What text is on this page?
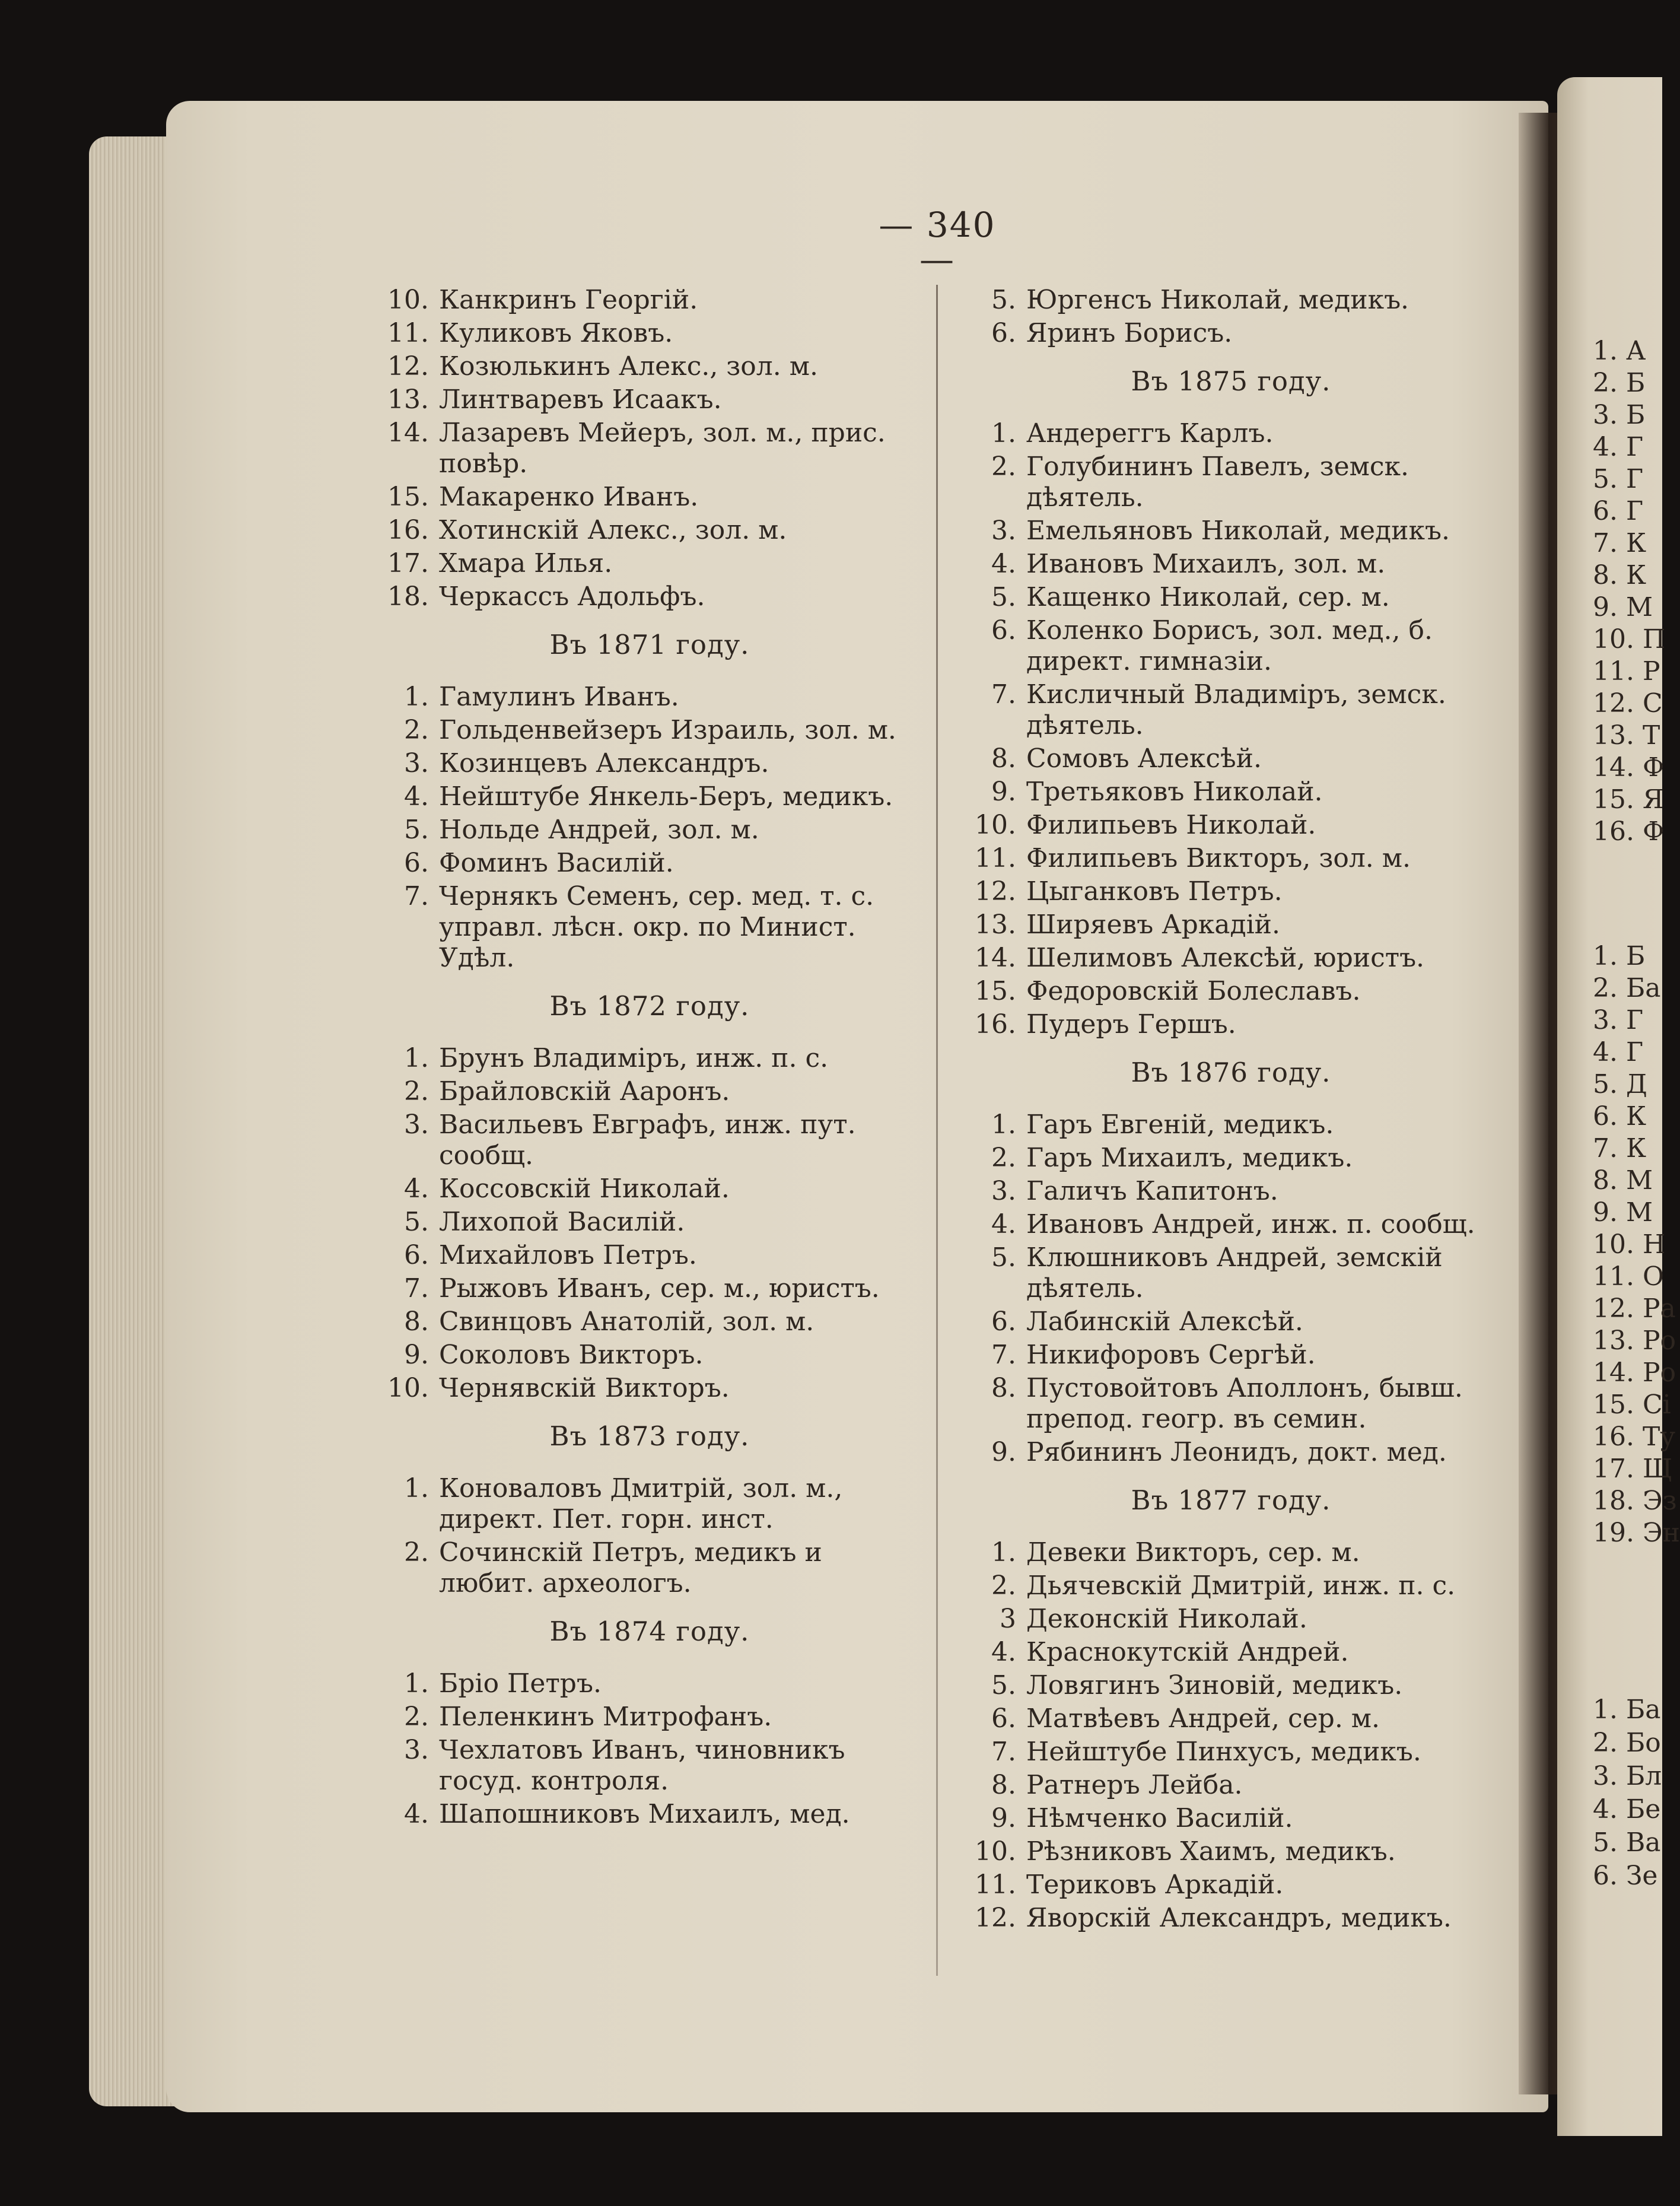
1. А
2. Б
3. Б
4. Г
5. Г
6. Г
7. К
8. К
9. М
10. П
11. Р
12. С
13. Т
14. Ф
15. Я
16. Ф
1. Б
2. Ба
3. Г
4. Г
5. Д
6. К
7. К
8. М
9. М
10. Н
11. О
12. Ра
13. Ро
14. Ро
15. Сі
16. Ту
17. Щ
18. Эз
19. Эн
1. Ба
2. Бо
3. Бл
4. Бе
5. Ва
6. Зе
— 340 —
10. Канкринъ Георгій.
11. Куликовъ Яковъ.
12. Козюлькинъ Алекс., зол. м.
13. Линтваревъ Исаакъ.
14. Лазаревъ Мейеръ, зол. м., прис. повѣр.
15. Макаренко Иванъ.
16. Хотинскій Алекс., зол. м.
17. Хмара Илья.
18. Черкассъ Адольфъ.
Въ 1871 году.
1. Гамулинъ Иванъ.
2. Гольденвейзеръ Израиль, зол. м.
3. Козинцевъ Александръ.
4. Нейштубе Янкель-Беръ, медикъ.
5. Нольде Андрей, зол. м.
6. Фоминъ Василій.
7. Чернякъ Семенъ, сер. мед. т. с. управл. лѣсн. окр. по Минист. Удѣл.
Въ 1872 году.
1. Брунъ Владиміръ, инж. п. с.
2. Брайловскій Ааронъ.
3. Васильевъ Евграфъ, инж. пут. сообщ.
4. Коссовскій Николай.
5. Лихопой Василій.
6. Михайловъ Петръ.
7. Рыжовъ Иванъ, сер. м., юристъ.
8. Свинцовъ Анатолій, зол. м.
9. Соколовъ Викторъ.
10. Чернявскій Викторъ.
Въ 1873 году.
1. Коноваловъ Дмитрій, зол. м., директ. Пет. горн. инст.
2. Сочинскій Петръ, медикъ и любит. археологъ.
Въ 1874 году.
1. Бріо Петръ.
2. Пеленкинъ Митрофанъ.
3. Чехлатовъ Иванъ, чиновникъ госуд. контроля.
4. Шапошниковъ Михаилъ, мед.
5. Юргенсъ Николай, медикъ.
6. Яринъ Борисъ.
Въ 1875 году.
1. Андереггъ Карлъ.
2. Голубининъ Павелъ, земск. дѣятель.
3. Емельяновъ Николай, медикъ.
4. Ивановъ Михаилъ, зол. м.
5. Кащенко Николай, сер. м.
6. Коленко Борисъ, зол. мед., б. директ. гимназіи.
7. Кисличный Владиміръ, земск. дѣятель.
8. Сомовъ Алексѣй.
9. Третьяковъ Николай.
10. Филипьевъ Николай.
11. Филипьевъ Викторъ, зол. м.
12. Цыганковъ Петръ.
13. Ширяевъ Аркадій.
14. Шелимовъ Алексѣй, юристъ.
15. Федоровскій Болеславъ.
16. Пудеръ Гершъ.
Въ 1876 году.
1. Гаръ Евгеній, медикъ.
2. Гаръ Михаилъ, медикъ.
3. Галичъ Капитонъ.
4. Ивановъ Андрей, инж. п. сообщ.
5. Клюшниковъ Андрей, земскій дѣятель.
6. Лабинскій Алексѣй.
7. Никифоровъ Сергѣй.
8. Пустовойтовъ Аполлонъ, бывш. препод. геогр. въ семин.
9. Рябининъ Леонидъ, докт. мед.
Въ 1877 году.
1. Девеки Викторъ, сер. м.
2. Дьячевскій Дмитрій, инж. п. с.
3 Деконскій Николай.
4. Краснокутскій Андрей.
5. Ловягинъ Зиновій, медикъ.
6. Матвѣевъ Андрей, сер. м.
7. Нейштубе Пинхусъ, медикъ.
8. Ратнеръ Лейба.
9. Нѣмченко Василій.
10. Рѣзниковъ Хаимъ, медикъ.
11. Териковъ Аркадій.
12. Яворскій Александръ, медикъ.
